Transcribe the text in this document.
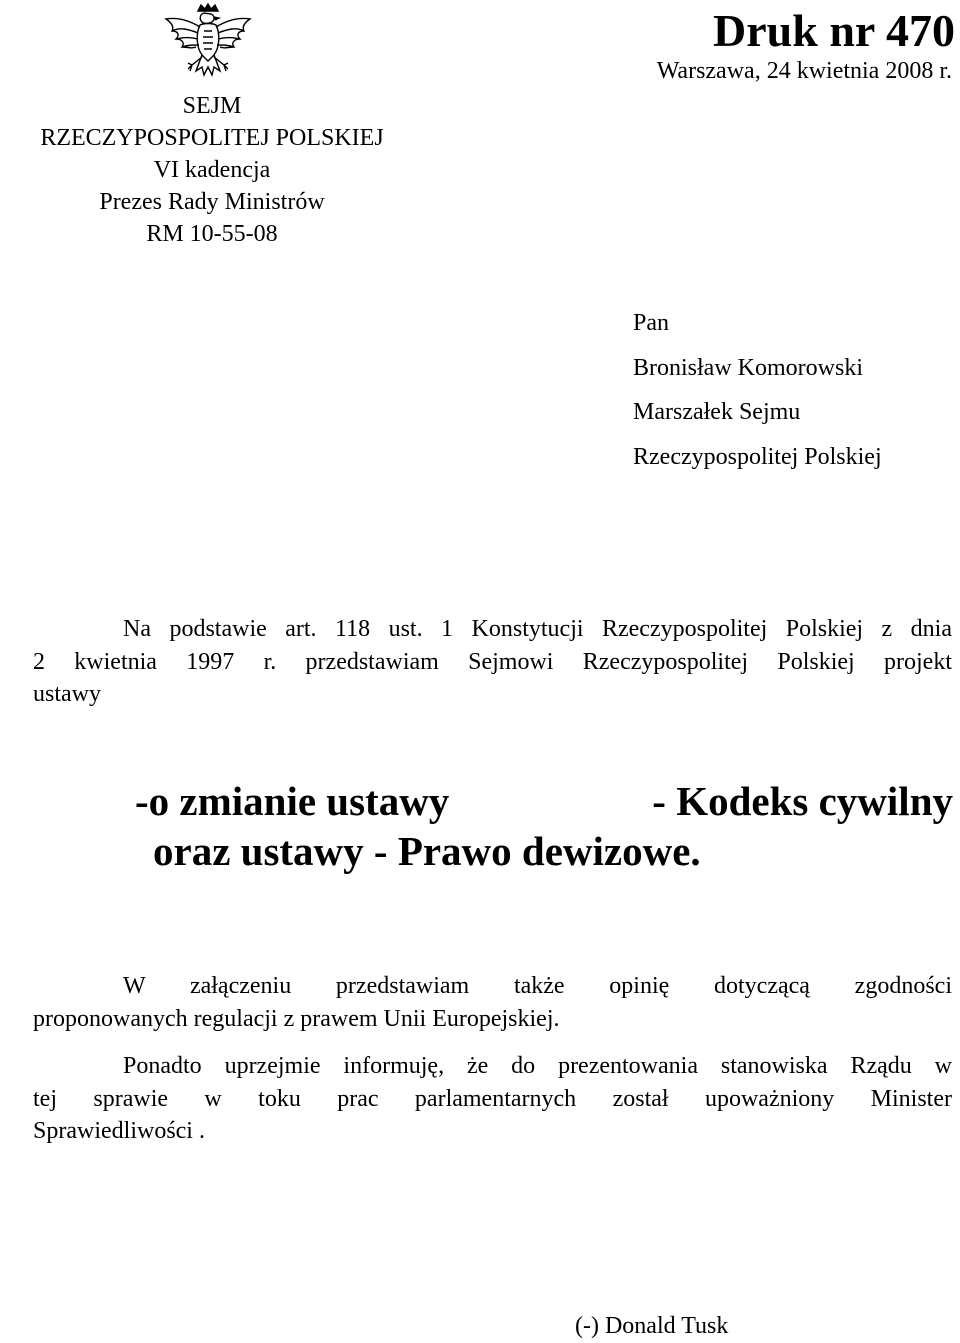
SEJM
RZECZYPOSPOLITEJ POLSKIEJ
VI kadencja
Prezes Rady Ministrów
RM 10-55-08
Druk nr 470
Warszawa, 24 kwietnia 2008 r.
Pan
Bronisław Komorowski
Marszałek Sejmu
Rzeczypospolitej Polskiej
Na podstawie art. 118 ust. 1 Konstytucji Rzeczypospolitej Polskiej z dnia
2 kwietnia 1997 r. przedstawiam Sejmowi Rzeczypospolitej Polskiej projekt
ustawy
-o zmianie ustawy	- Kodeks cywilny
oraz ustawy - Prawo dewizowe.
W załączeniu przedstawiam także opinię dotyczącą zgodności
proponowanych regulacji z prawem Unii Europejskiej.
Ponadto uprzejmie informuję, że do prezentowania stanowiska Rządu w
tej sprawie w toku prac parlamentarnych został upoważniony Minister
Sprawiedliwości .
(-) Donald Tusk
